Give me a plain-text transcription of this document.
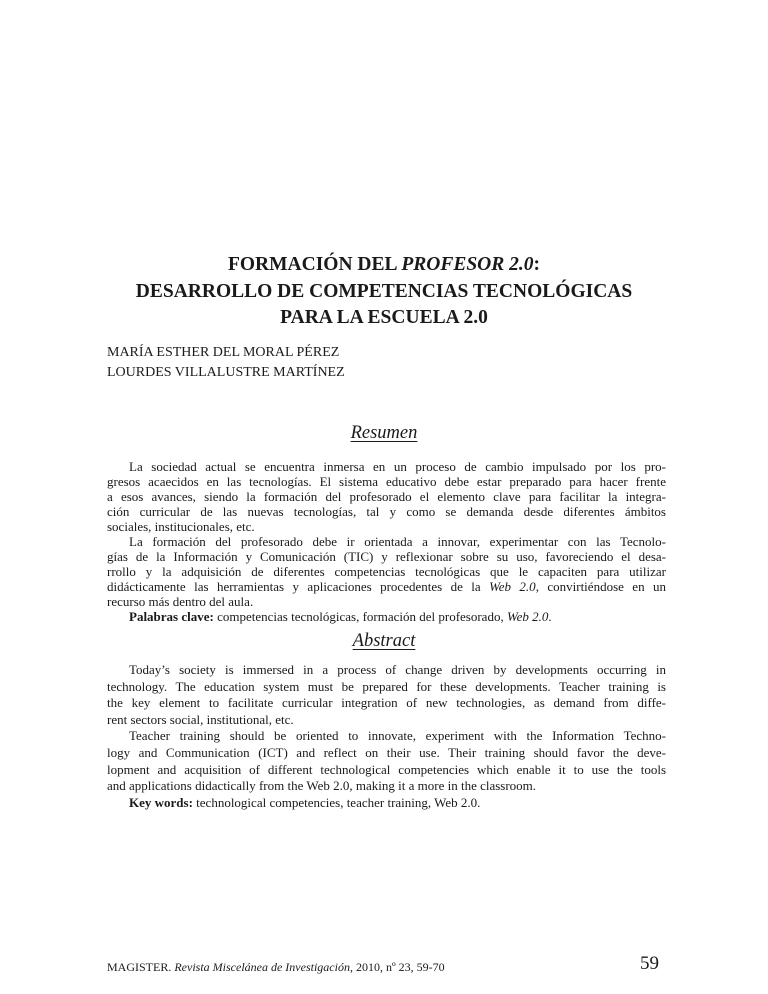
FORMACIÓN DEL PROFESOR 2.0:
DESARROLLO DE COMPETENCIAS TECNOLÓGICAS
PARA LA ESCUELA 2.0
MARÍA ESTHER DEL MORAL PÉREZ
LOURDES VILLALUSTRE MARTÍNEZ
Resumen
La sociedad actual se encuentra inmersa en un proceso de cambio impulsado por los pro-
gresos acaecidos en las tecnologías. El sistema educativo debe estar preparado para hacer frente
a esos avances, siendo la formación del profesorado el elemento clave para facilitar la integra-
ción curricular de las nuevas tecnologías, tal y como se demanda desde diferentes ámbitos
sociales, institucionales, etc.
La formación del profesorado debe ir orientada a innovar, experimentar con las Tecnolo-
gías de la Información y Comunicación (TIC) y reflexionar sobre su uso, favoreciendo el desa-
rrollo y la adquisición de diferentes competencias tecnológicas que le capaciten para utilizar
didácticamente las herramientas y aplicaciones procedentes de la Web 2.0, convirtiéndose en un
recurso más dentro del aula.
Palabras clave: competencias tecnológicas, formación del profesorado, Web 2.0.
Abstract
Today’s society is immersed in a process of change driven by developments occurring in
technology. The education system must be prepared for these developments. Teacher training is
the key element to facilitate curricular integration of new technologies, as demand from diffe-
rent sectors social, institutional, etc.
Teacher training should be oriented to innovate, experiment with the Information Techno-
logy and Communication (ICT) and reflect on their use. Their training should favor the deve-
lopment and acquisition of different technological competencies which enable it to use the tools
and applications didactically from the Web 2.0, making it a more in the classroom.
Key words: technological competencies, teacher training, Web 2.0.
MAGISTER. Revista Miscelánea de Investigación, 2010, nº 23, 59-70	59
